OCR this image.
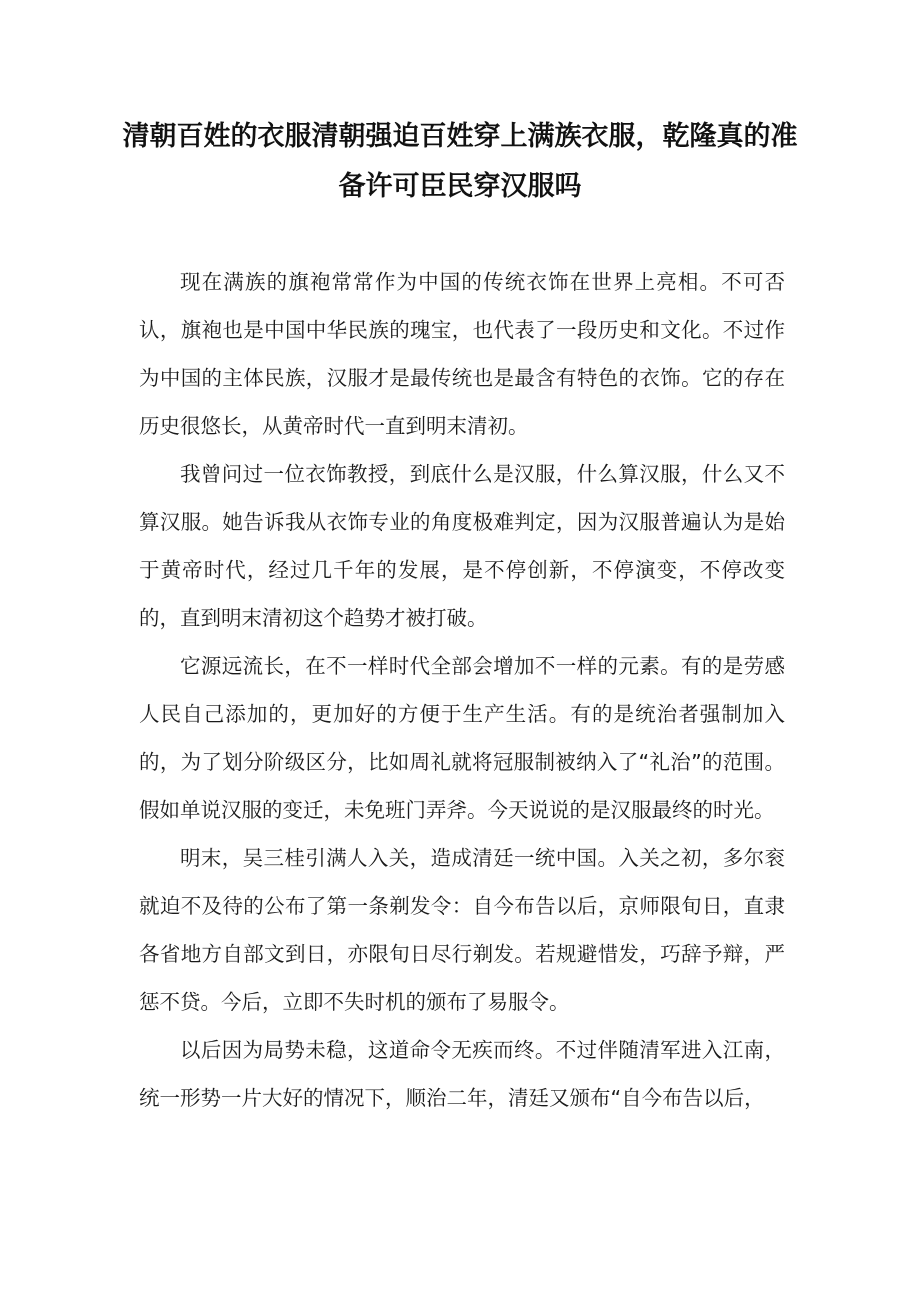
清朝百姓的衣服清朝强迫百姓穿上满族衣服，乾隆真的准备许可臣民穿汉服吗

现在满族的旗袍常常作为中国的传统衣饰在世界上亮相。不可否认，旗袍也是中国中华民族的瑰宝，也代表了一段历史和文化。不过作为中国的主体民族，汉服才是最传统也是最含有特色的衣饰。它的存在历史很悠长，从黄帝时代一直到明末清初。

我曾问过一位衣饰教授，到底什么是汉服，什么算汉服，什么又不算汉服。她告诉我从衣饰专业的角度极难判定，因为汉服普遍认为是始于黄帝时代，经过几千年的发展，是不停创新，不停演变，不停改变的，直到明末清初这个趋势才被打破。

它源远流长，在不一样时代全部会增加不一样的元素。有的是劳感人民自己添加的，更加好的方便于生产生活。有的是统治者强制加入的，为了划分阶级区分，比如周礼就将冠服制被纳入了“礼治”的范围。假如单说汉服的变迁，未免班门弄斧。今天说说的是汉服最终的时光。

明末，吴三桂引满人入关，造成清廷一统中国。入关之初，多尔衮就迫不及待的公布了第一条剃发令：自今布告以后，京师限旬日，直隶各省地方自部文到日，亦限旬日尽行剃发。若规避惜发，巧辞予辩，严惩不贷。今后，立即不失时机的颁布了易服令。

以后因为局势未稳，这道命令无疾而终。不过伴随清军进入江南，统一形势一片大好的情况下，顺治二年，清廷又颁布“自今布告以后，
